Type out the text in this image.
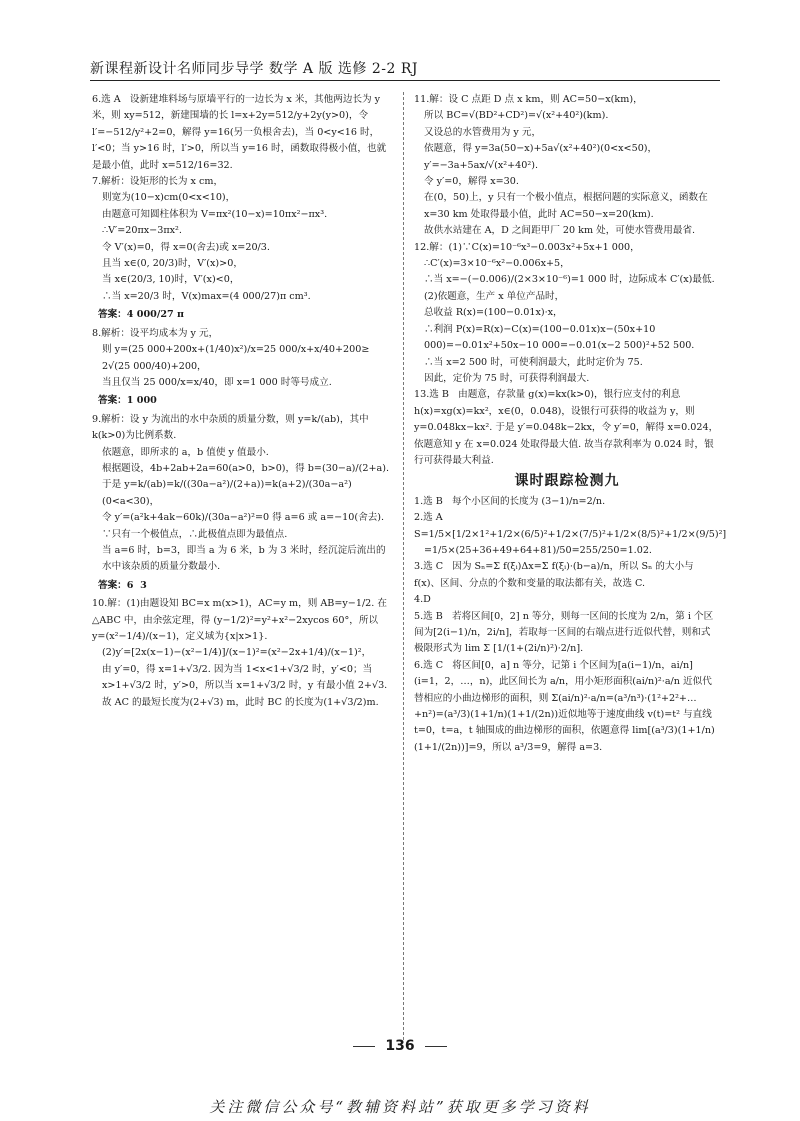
新课程新设计名师同步导学 数学 A 版 选修 2-2 RJ

6.选 A   设新建堆料场与原墙平行的一边长为 x 米，其他两边长为 y 米，则 xy=512，新建围墙的长 l=x+2y=512/y+2y(y>0)，令 l′=−512/y²+2=0，解得 y=16(另一负根舍去)，当 0<y<16 时，l′<0；当 y>16 时，l′>0，所以当 y=16 时，函数取得极小值，也就是最小值，此时 x=512/16=32.

7.解析：设矩形的长为 x cm，

则宽为(10−x)cm(0<x<10)，

由题意可知圆柱体积为 V=πx²(10−x)=10πx²−πx³.

∴V′=20πx−3πx².

令 V′(x)=0，得 x=0(舍去)或 x=20/3.

且当 x∈(0, 20/3)时，V′(x)>0，

当 x∈(20/3, 10)时，V′(x)<0，

∴当 x=20/3 时，V(x)max=(4 000/27)π cm³.

答案：4 000/27 π

8.解析：设平均成本为 y 元，

则 y=(25 000+200x+(1/40)x²)/x=25 000/x+x/40+200≥

2√(25 000/40)+200，

当且仅当 25 000/x=x/40，即 x=1 000 时等号成立.

答案：1 000

9.解析：设 y 为流出的水中杂质的质量分数，则 y=k/(ab)，其中 k(k>0)为比例系数.

依题意，即所求的 a，b 值使 y 值最小.

根据题设，4b+2ab+2a=60(a>0，b>0)，得 b=(30−a)/(2+a).

于是 y=k/(ab)=k/((30a−a²)/(2+a))=k(a+2)/(30a−a²)(0<a<30)，

令 y′=(a²k+4ak−60k)/(30a−a²)²=0 得 a=6 或 a=−10(舍去).

∵只有一个极值点，∴此极值点即为最值点.

当 a=6 时，b=3，即当 a 为 6 米，b 为 3 米时，经沉淀后流出的水中该杂质的质量分数最小.

答案：6  3

10.解：(1)由题设知 BC=x m(x>1)，AC=y m，则 AB=y−1/2. 在△ABC 中，由余弦定理，得 (y−1/2)²=y²+x²−2xycos 60°，所以 y=(x²−1/4)/(x−1)，定义域为{x|x>1}.

(2)y′=[2x(x−1)−(x²−1/4)]/(x−1)²=(x²−2x+1/4)/(x−1)²，

由 y′=0，得 x=1+√3/2. 因为当 1<x<1+√3/2 时，y′<0；当 x>1+√3/2 时，y′>0，所以当 x=1+√3/2 时，y 有最小值 2+√3.

故 AC 的最短长度为(2+√3) m，此时 BC 的长度为(1+√3/2)m.

11.解：设 C 点距 D 点 x km，则 AC=50−x(km)，

所以 BC=√(BD²+CD²)=√(x²+40²)(km).

又设总的水管费用为 y 元，

依题意，得 y=3a(50−x)+5a√(x²+40²)(0<x<50)，

y′=−3a+5ax/√(x²+40²).

令 y′=0，解得 x=30.

在(0，50)上，y 只有一个极小值点，根据问题的实际意义，函数在 x=30 km 处取得最小值，此时 AC=50−x=20(km).

故供水站建在 A，D 之间距甲厂 20 km 处，可使水管费用最省.

12.解：(1)∵C(x)=10⁻⁶x³−0.003x²+5x+1 000，

∴C′(x)=3×10⁻⁶x²−0.006x+5，

∴当 x=−(−0.006)/(2×3×10⁻⁶)=1 000 时，边际成本 C′(x)最低.

(2)依题意，生产 x 单位产品时，

总收益 R(x)=(100−0.01x)·x，

∴利润 P(x)=R(x)−C(x)=(100−0.01x)x−(50x+10 000)=−0.01x²+50x−10 000=−0.01(x−2 500)²+52 500.

∴当 x=2 500 时，可使利润最大，此时定价为 75.

因此，定价为 75 时，可获得利润最大.

13.选 B   由题意，存款量 g(x)=kx(k>0)，银行应支付的利息 h(x)=xg(x)=kx²，x∈(0，0.048)，设银行可获得的收益为 y，则 y=0.048kx−kx². 于是 y′=0.048k−2kx，令 y′=0，解得 x=0.024，依题意知 y 在 x=0.024 处取得最大值. 故当存款利率为 0.024 时，银行可获得最大利益.

课时跟踪检测九

1.选 B   每个小区间的长度为 (3−1)/n=2/n.

2.选 A   S=1/5×[1/2×1²+1/2×(6/5)²+1/2×(7/5)²+1/2×(8/5)²+1/2×(9/5)²]

=1/5×(25+36+49+64+81)/50=255/250=1.02.

3.选 C   因为 Sₙ=Σ f(ξᵢ)Δx=Σ f(ξᵢ)·(b−a)/n，所以 Sₙ 的大小与 f(x)、区间、分点的个数和变量的取法都有关，故选 C.

4.D

5.选 B   若将区间[0，2] n 等分，则每一区间的长度为 2/n，第 i 个区间为[2(i−1)/n，2i/n]，若取每一区间的右端点进行近似代替，则和式极限形式为 lim Σ [1/(1+(2i/n)²)·2/n].

6.选 C   将区间[0，a] n 等分，记第 i 个区间为[a(i−1)/n，ai/n](i=1，2，…，n)，此区间长为 a/n，用小矩形面积(ai/n)²·a/n 近似代替相应的小曲边梯形的面积，则 Σ(ai/n)²·a/n=(a³/n³)·(1²+2²+…+n²)=(a³/3)(1+1/n)(1+1/(2n))近似地等于速度曲线 v(t)=t² 与直线 t=0，t=a，t 轴围成的曲边梯形的面积，依题意得 lim[(a³/3)(1+1/n)(1+1/(2n))]=9，所以 a³/3=9，解得 a=3.

136
关注微信公众号“教辅资料站”获取更多学习资料
